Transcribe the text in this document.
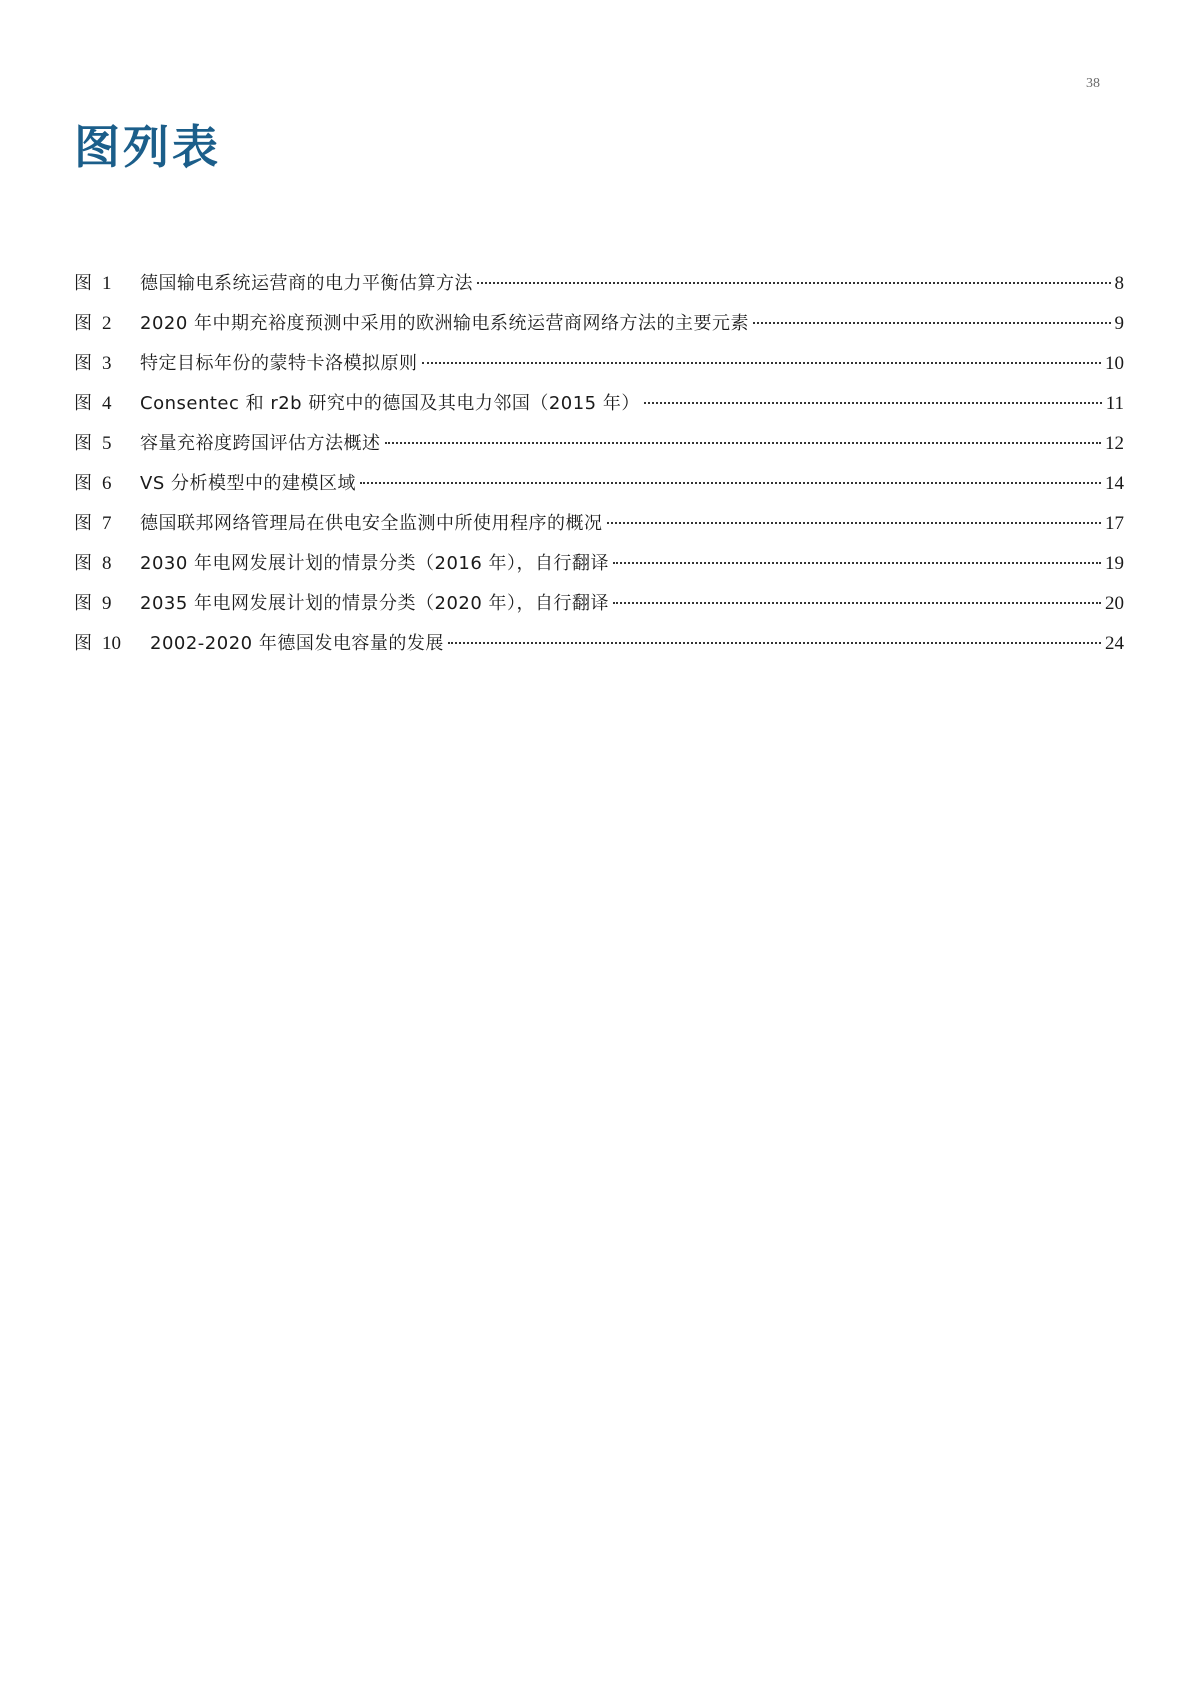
38
图列表
图 1	德国输电系统运营商的电力平衡估算方法	8
图 2	2020 年中期充裕度预测中采用的欧洲输电系统运营商网络方法的主要元素	9
图 3	特定目标年份的蒙特卡洛模拟原则	10
图 4	Consentec 和 r2b 研究中的德国及其电力邻国（2015 年）	11
图 5	容量充裕度跨国评估方法概述	12
图 6	VS 分析模型中的建模区域	14
图 7	德国联邦网络管理局在供电安全监测中所使用程序的概况	17
图 8	2030 年电网发展计划的情景分类（2016 年），自行翻译	19
图 9	2035 年电网发展计划的情景分类（2020 年），自行翻译	20
图 10	2002-2020 年德国发电容量的发展	24
